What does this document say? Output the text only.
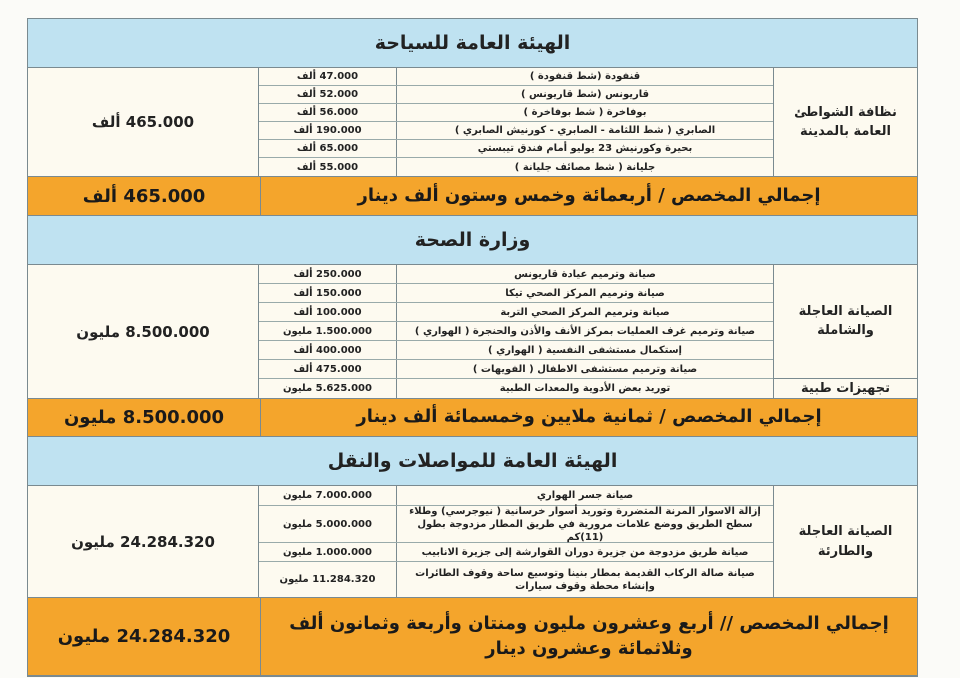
الهيئة العامة للسياحة
نظافة الشواطئ العامة بالمدينة
قنفودة (شط قنفودة )
47.000 ألف
قاريونس (شط قاريونس )
52.000 ألف
بوفاخرة ( شط بوفاخرة )
56.000 ألف
الصابري ( شط اللثامة - الصابري - كورنيش الصابري )
190.000 ألف
بحيرة وكورنيش 23 يوليو أمام فندق تيبستي
65.000 ألف
جليانة ( شط مصائف جليانة )
55.000 ألف
465.000 ألف
إجمالي المخصص / أربعمائة وخمس وستون ألف دينار
465.000 ألف
وزارة الصحة
الصيانة العاجلة والشاملة
تجهيزات طبية
صيانة وترميم عيادة قاريونس
250.000 ألف
صيانة وترميم المركز الصحي تيكا
150.000 ألف
صيانة وترميم المركز الصحي التربة
100.000 ألف
صيانة وترميم غرف العمليات بمركز الأنف والأذن والحنجرة ( الهواري )
1.500.000 مليون
إستكمال مستشفى النفسية ( الهواري )
400.000 ألف
صيانة وترميم مستشفى الاطفال ( الفويهات )
475.000 ألف
توريد بعض الأدوية والمعدات الطبية
5.625.000 مليون
8.500.000 مليون
إجمالي المخصص / ثمانية ملايين وخمسمائة ألف دينار
8.500.000 مليون
الهيئة العامة للمواصلات والنقل
الصيانة العاجلة والطارئة
صيانة جسر الهواري
7.000.000 مليون
إزالة الاسوار المرنة المتضررة وتوريد أسوار خرسانية ( نيوجرسي) وطلاء سطح الطريق ووضع علامات مرورية في طريق المطار مزدوجة بطول (11)كم
5.000.000 مليون
صيانة طريق مزدوجة من جزيرة دوران القوارشة إلى جزيرة الانابيب
1.000.000 مليون
صيانة صالة الركاب القديمة بمطار بنينا وتوسيع ساحة وقوف الطائرات وإنشاء محطة وقوف سيارات
11.284.320 مليون
24.284.320 مليون
إجمالي المخصص // أربع وعشرون مليون ومنتان وأربعة وثمانون ألف وثلاثمائة وعشرون دينار
24.284.320 مليون
